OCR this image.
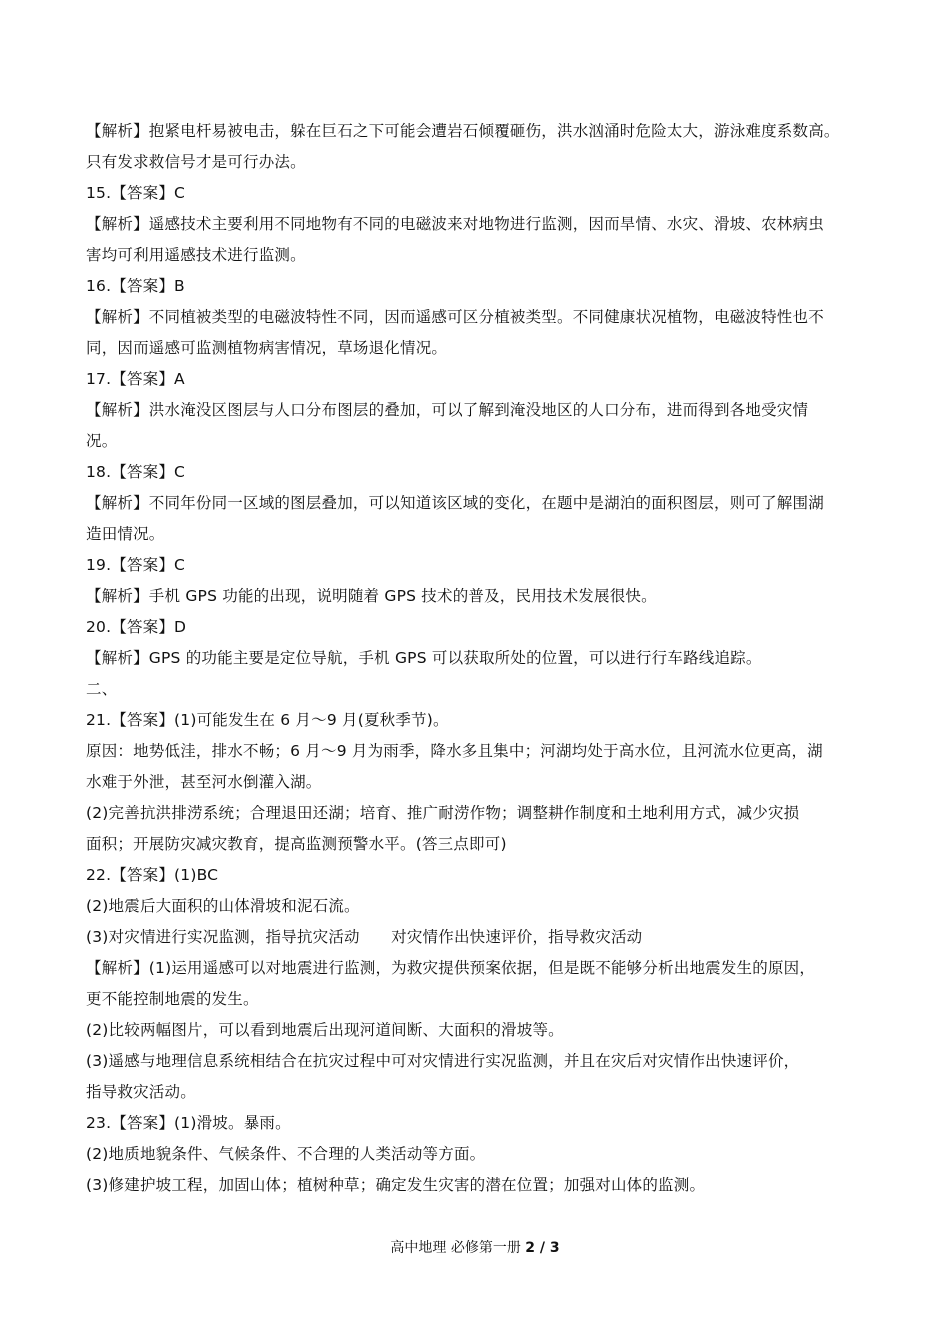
【解析】抱紧电杆易被电击，躲在巨石之下可能会遭岩石倾覆砸伤，洪水汹涌时危险太大，游泳难度系数高。
只有发求救信号才是可行办法。
15.【答案】C
【解析】遥感技术主要利用不同地物有不同的电磁波来对地物进行监测，因而旱情、水灾、滑坡、农林病虫
害均可利用遥感技术进行监测。
16.【答案】B
【解析】不同植被类型的电磁波特性不同，因而遥感可区分植被类型。不同健康状况植物，电磁波特性也不
同，因而遥感可监测植物病害情况，草场退化情况。
17.【答案】A
【解析】洪水淹没区图层与人口分布图层的叠加，可以了解到淹没地区的人口分布，进而得到各地受灾情
况。
18.【答案】C
【解析】不同年份同一区域的图层叠加，可以知道该区域的变化，在题中是湖泊的面积图层，则可了解围湖
造田情况。
19.【答案】C
【解析】手机 GPS 功能的出现，说明随着 GPS 技术的普及，民用技术发展很快。
20.【答案】D
【解析】GPS 的功能主要是定位导航，手机 GPS 可以获取所处的位置，可以进行行车路线追踪。
二、
21.【答案】(1)可能发生在 6 月～9 月(夏秋季节)。
原因：地势低洼，排水不畅；6 月～9 月为雨季，降水多且集中；河湖均处于高水位，且河流水位更高，湖
水难于外泄，甚至河水倒灌入湖。
(2)完善抗洪排涝系统；合理退田还湖；培育、推广耐涝作物；调整耕作制度和土地利用方式，减少灾损
面积；开展防灾减灾教育，提高监测预警水平。(答三点即可)
22.【答案】(1)BC
(2)地震后大面积的山体滑坡和泥石流。
(3)对灾情进行实况监测，指导抗灾活动　　对灾情作出快速评价，指导救灾活动
【解析】(1)运用遥感可以对地震进行监测，为救灾提供预案依据，但是既不能够分析出地震发生的原因，
更不能控制地震的发生。
(2)比较两幅图片，可以看到地震后出现河道间断、大面积的滑坡等。
(3)遥感与地理信息系统相结合在抗灾过程中可对灾情进行实况监测，并且在灾后对灾情作出快速评价，
指导救灾活动。
23.【答案】(1)滑坡。暴雨。
(2)地质地貌条件、气候条件、不合理的人类活动等方面。
(3)修建护坡工程，加固山体；植树种草；确定发生灾害的潜在位置；加强对山体的监测。
高中地理 必修第一册 2 / 3
